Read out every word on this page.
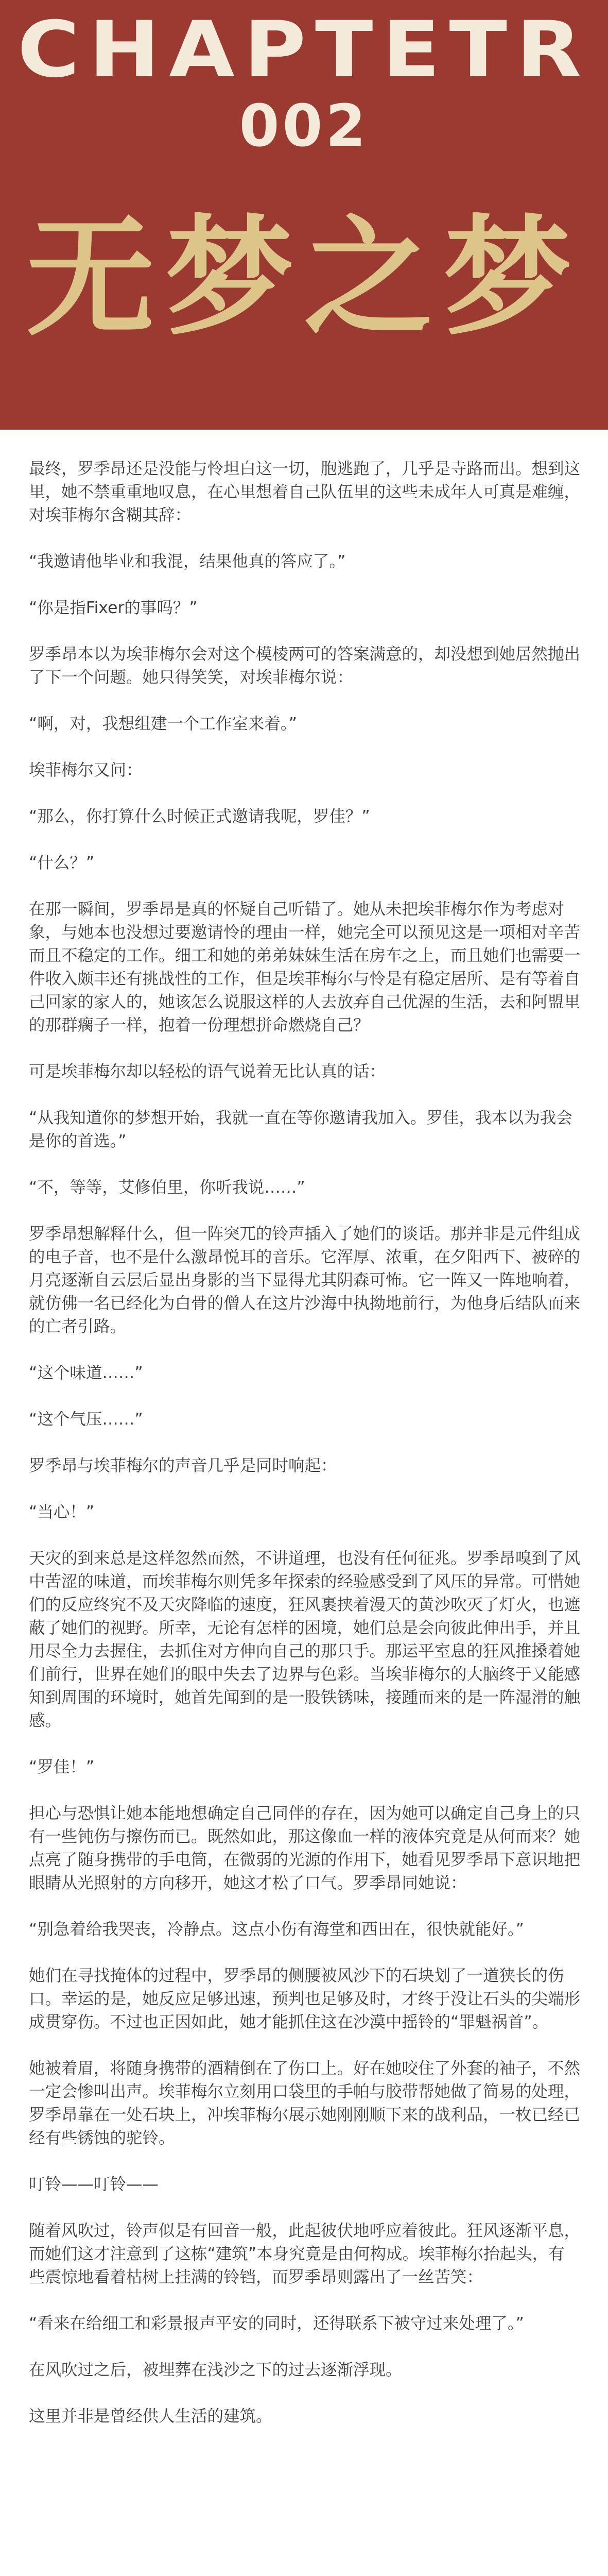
CHAPTETR
002
无梦之梦

最终，罗季昂还是没能与怜坦白这一切，胞逃跑了，几乎是寺路而出。想到这里，她不禁重重地叹息，在心里想着自己队伍里的这些未成年人可真是难缠，对埃菲梅尔含糊其辞：

“我邀请他毕业和我混，结果他真的答应了。”

“你是指Fixer的事吗？”

罗季昂本以为埃菲梅尔会对这个模棱两可的答案满意的，却没想到她居然抛出了下一个问题。她只得笑笑，对埃菲梅尔说：

“啊，对，我想组建一个工作室来着。”

埃菲梅尔又问：

“那么，你打算什么时候正式邀请我呢，罗佳？”

“什么？”

在那一瞬间，罗季昂是真的怀疑自己听错了。她从未把埃菲梅尔作为考虑对象，与她本也没想过要邀请怜的理由一样，她完全可以预见这是一项相对辛苦而且不稳定的工作。细工和她的弟弟妹妹生活在房车之上，而且她们也需要一件收入颇丰还有挑战性的工作，但是埃菲梅尔与怜是有稳定居所、是有等着自己回家的家人的，她该怎么说服这样的人去放弃自己优渥的生活，去和阿盟里的那群瘸子一样，抱着一份理想拼命燃烧自己？

可是埃菲梅尔却以轻松的语气说着无比认真的话：

“从我知道你的梦想开始，我就一直在等你邀请我加入。罗佳，我本以为我会是你的首选。”

“不，等等，艾修伯里，你听我说……”

罗季昂想解释什么，但一阵突兀的铃声插入了她们的谈话。那并非是元件组成的电子音，也不是什么激昂悦耳的音乐。它浑厚、浓重，在夕阳西下、被碎的月亮逐渐自云层后显出身影的当下显得尤其阴森可怖。它一阵又一阵地响着，就仿佛一名已经化为白骨的僧人在这片沙海中执拗地前行，为他身后结队而来的亡者引路。

“这个味道……”

“这个气压……”

罗季昂与埃菲梅尔的声音几乎是同时响起：

“当心！”

天灾的到来总是这样忽然而然，不讲道理，也没有任何征兆。罗季昂嗅到了风中苦涩的味道，而埃菲梅尔则凭多年探索的经验感受到了风压的异常。可惜她们的反应终究不及天灾降临的速度，狂风裹挟着漫天的黄沙吹灭了灯火，也遮蔽了她们的视野。所幸，无论有怎样的困境，她们总是会向彼此伸出手，并且用尽全力去握住，去抓住对方伸向自己的那只手。那运平室息的狂风推搡着她们前行，世界在她们的眼中失去了边界与色彩。当埃菲梅尔的大脑终于又能感知到周围的环境时，她首先闻到的是一股铁锈味，接踵而来的是一阵湿滑的触感。

“罗佳！”

担心与恐惧让她本能地想确定自己同伴的存在，因为她可以确定自己身上的只有一些钝伤与擦伤而已。既然如此，那这像血一样的液体究竟是从何而来？她点亮了随身携带的手电筒，在微弱的光源的作用下，她看见罗季昂下意识地把眼睛从光照射的方向移开，她这才松了口气。罗季昂同她说：

“别急着给我哭丧，冷静点。这点小伤有海堂和西田在，很快就能好。”

她们在寻找掩体的过程中，罗季昂的侧腰被风沙下的石块划了一道狭长的伤口。幸运的是，她反应足够迅速，预判也足够及时，才终于没让石头的尖端形成贯穿伤。不过也正因如此，她才能抓住这在沙漠中摇铃的“罪魁祸首”。

她被着眉，将随身携带的酒精倒在了伤口上。好在她咬住了外套的袖子，不然一定会惨叫出声。埃菲梅尔立刻用口袋里的手帕与胶带帮她做了简易的处理，罗季昂靠在一处石块上，冲埃菲梅尔展示她刚刚顺下来的战利品，一枚已经已经有些锈蚀的驼铃。

叮铃——叮铃——

随着风吹过，铃声似是有回音一般，此起彼伏地呼应着彼此。狂风逐渐平息，而她们这才注意到了这栋“建筑”本身究竟是由何构成。埃菲梅尔抬起头，有些震惊地看着枯树上挂满的铃铛，而罗季昂则露出了一丝苦笑：

“看来在给细工和彩景报声平安的同时，还得联系下被守过来处理了。”

在风吹过之后，被埋葬在浅沙之下的过去逐渐浮现。

这里并非是曾经供人生活的建筑。
